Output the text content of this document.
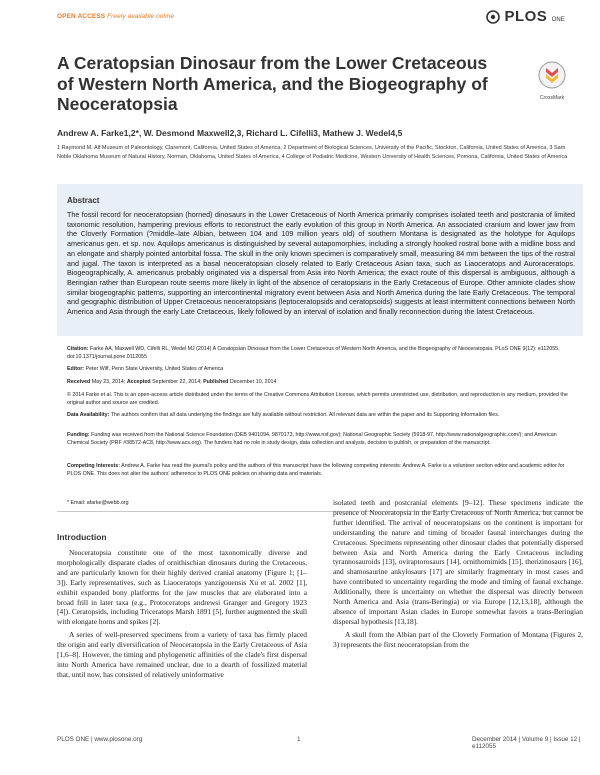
OPEN ACCESS Freely available online	PLOS ONE
A Ceratopsian Dinosaur from the Lower Cretaceous of Western North America, and the Biogeography of Neoceratopsia	CrossMark
Andrew A. Farke1,2*, W. Desmond Maxwell2,3, Richard L. Cifelli3, Mathew J. Wedel4,5
1 Raymond M. Alf Museum of Paleontology, Claremont, California, United States of America, 2 Department of Biological Sciences, University of the Pacific, Stockton, California, United States of America, 3 Sam Noble Oklahoma Museum of Natural History, Norman, Oklahoma, United States of America, 4 College of Podiatric Medicine, Western University of Health Sciences, Pomona, California, United States of America
Abstract
The fossil record for neoceratopsian (horned) dinosaurs in the Lower Cretaceous of North America primarily comprises isolated teeth and postcrania of limited taxonomic resolution, hampering previous efforts to reconstruct the early evolution of this group in North America. An associated cranium and lower jaw from the Cloverly Formation (?middle–late Albian, between 104 and 109 million years old) of southern Montana is designated as the holotype for Aquilops americanus gen. et sp. nov. Aquilops americanus is distinguished by several autapomorphies, including a strongly hooked rostral bone with a midline boss and an elongate and sharply pointed antorbital fossa. The skull in the only known specimen is comparatively small, measuring 84 mm between the tips of the rostral and jugal. The taxon is interpreted as a basal neoceratopsian closely related to Early Cretaceous Asian taxa, such as Liaoceratops and Auroraceratops. Biogeographically, A. americanus probably originated via a dispersal from Asia into North America; the exact route of this dispersal is ambiguous, although a Beringian rather than European route seems more likely in light of the absence of ceratopsians in the Early Cretaceous of Europe. Other amniote clades show similar biogeographic patterns, supporting an intercontinental migratory event between Asia and North America during the late Early Cretaceous. The temporal and geographic distribution of Upper Cretaceous neoceratopsians (leptoceratopsids and ceratopsoids) suggests at least intermittent connections between North America and Asia through the early Late Cretaceous, likely followed by an interval of isolation and finally reconnection during the latest Cretaceous.
Citation: Farke AA, Maxwell WD, Cifelli RL, Wedel MJ (2014) A Ceratopsian Dinosaur from the Lower Cretaceous of Western North America, and the Biogeography of Neoceratopsia. PLoS ONE 9(12): e112055. doi:10.1371/journal.pone.0112055
Editor: Peter Wilf, Penn State University, United States of America
Received May 23, 2014; Accepted September 22, 2014; Published December 10, 2014
© 2014 Farke et al. This is an open-access article distributed under the terms of the Creative Commons Attribution License, which permits unrestricted use, distribution, and reproduction in any medium, provided the original author and source are credited.
Data Availability: The authors confirm that all data underlying the findings are fully available without restriction. All relevant data are within the paper and its Supporting Information files.
Funding: Funding was received from the National Science Foundation (DEB 9401094, 9870173, http://www.nsf.gov); National Geographic Society (5918-97, http://www.nationalgeographic.com/); and American Chemical Society (PRF #38572-AC8, http://www.acs.org). The funders had no role in study design, data collection and analysis, decision to publish, or preparation of the manuscript.
Competing Interests: Andrew A. Farke has read the journal's policy and the authors of this manuscript have the following competing interests: Andrew A. Farke is a volunteer section editor and academic editor for PLOS ONE. This does not alter the authors' adherence to PLOS ONE policies on sharing data and materials.
* Email: afarke@webb.org
Introduction

Neoceratopsia constitute one of the most taxonomically diverse and morphologically disparate clades of ornithischian dinosaurs during the Cretaceous, and are particularly known for their highly derived cranial anatomy (Figure 1; [1–3]). Early representatives, such as Liaoceratops yanzigouensis Xu et al. 2002 [1], exhibit expanded bony platforms for the jaw muscles that are elaborated into a broad frill in later taxa (e.g., Protoceratops andrewsi Granger and Gregory 1923 [4]). Ceratopsids, including Triceratops Marsh 1891 [5], further augmented the skull with elongate horns and spikes [2].

A series of well-preserved specimens from a variety of taxa has firmly placed the origin and early diversification of Neoceratopsia in the Early Cretaceous of Asia [1,6–8]. However, the timing and phylogenetic affinities of the clade's first dispersal into North America have remained unclear, due to a dearth of fossilized material that, until now, has consisted of relatively uninformative

isolated teeth and postcranial elements [9–12]. These specimens indicate the presence of Neoceratopsia in the Early Cretaceous of North America, but cannot be further identified. The arrival of neoceratopsians on the continent is important for understanding the nature and timing of broader faunal interchanges during the Cretaceous. Specimens representing other dinosaur clades that potentially dispersed between Asia and North America during the Early Cretaceous including tyrannosauroids [13], oviraptorosaurs [14], ornithomimids [15], therizinosaurs [16], and shamosaurine ankylosaurs [17] are similarly fragmentary in most cases and have contributed to uncertainty regarding the mode and timing of faunal exchange. Additionally, there is uncertainty on whether the dispersal was directly between North America and Asia (trans-Beringia) or via Europe [12,13,18], although the absence of important Asian clades in Europe somewhat favors a trans-Beringian dispersal hypothesis [13,18].

A skull from the Albian part of the Cloverly Formation of Montana (Figures 2, 3) represents the first neoceratopsian from the

PLOS ONE | www.plosone.org	1	December 2014 | Volume 9 | Issue 12 | e112055
